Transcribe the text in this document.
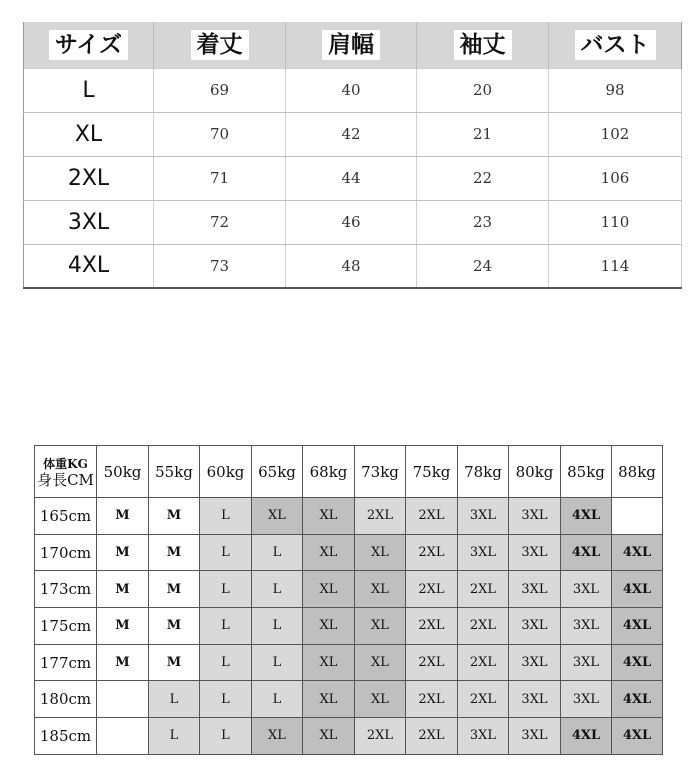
サイズ	着丈	肩幅	袖丈	バスト
L	69	40	20	98
XL	70	42	21	102
2XL	71	44	22	106
3XL	72	46	23	110
4XL	73	48	24	114
体重KG
身長CM	50kg	55kg	60kg	65kg	68kg	73kg	75kg	78kg	80kg	85kg	88kg
165cm	M	M	L	XL	XL	2XL	2XL	3XL	3XL	4XL	
170cm	M	M	L	L	XL	XL	2XL	3XL	3XL	4XL	4XL
173cm	M	M	L	L	XL	XL	2XL	2XL	3XL	3XL	4XL
175cm	M	M	L	L	XL	XL	2XL	2XL	3XL	3XL	4XL
177cm	M	M	L	L	XL	XL	2XL	2XL	3XL	3XL	4XL
180cm		L	L	L	XL	XL	2XL	2XL	3XL	3XL	4XL
185cm		L	L	XL	XL	2XL	2XL	3XL	3XL	4XL	4XL
